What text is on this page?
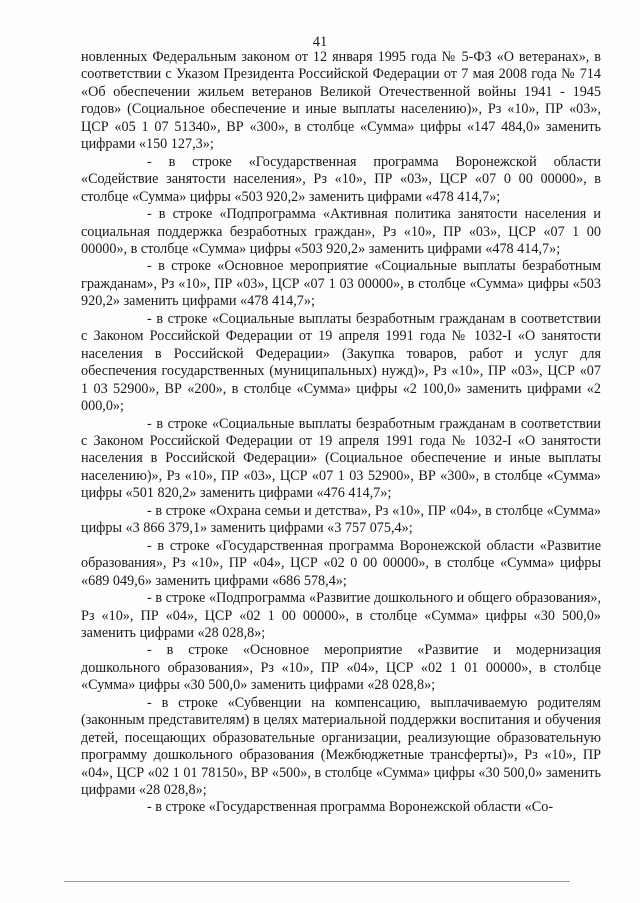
41

новленных Федеральным законом от 12 января 1995 года № 5-ФЗ «О ветеранах», в соответствии с Указом Президента Российской Федерации от 7 мая 2008 года № 714 «Об обеспечении жильем ветеранов Великой Отечественной войны 1941 - 1945 годов» (Социальное обеспечение и иные выплаты населению)», Рз «10», ПР «03», ЦСР «05 1 07 51340», ВР «300», в столбце «Сумма» цифры «147 484,0» заменить цифрами «150 127,3»;

- в строке «Государственная программа Воронежской области «Содействие занятости населения», Рз «10», ПР «03», ЦСР «07 0 00 00000», в столбце «Сумма» цифры «503 920,2» заменить цифрами «478 414,7»;

- в строке «Подпрограмма «Активная политика занятости населения и социальная поддержка безработных граждан», Рз «10», ПР «03», ЦСР «07 1 00 00000», в столбце «Сумма» цифры «503 920,2» заменить цифрами «478 414,7»;

- в строке «Основное мероприятие «Социальные выплаты безработным гражданам», Рз «10», ПР «03», ЦСР «07 1 03 00000», в столбце «Сумма» цифры «503 920,2» заменить цифрами «478 414,7»;

- в строке «Социальные выплаты безработным гражданам в соответствии с Законом Российской Федерации от 19 апреля 1991 года № 1032-I «О занятости населения в Российской Федерации» (Закупка товаров, работ и услуг для обеспечения государственных (муниципальных) нужд)», Рз «10», ПР «03», ЦСР «07 1 03 52900», ВР «200», в столбце «Сумма» цифры «2 100,0» заменить цифрами «2 000,0»;

- в строке «Социальные выплаты безработным гражданам в соответствии с Законом Российской Федерации от 19 апреля 1991 года № 1032-I «О занятости населения в Российской Федерации» (Социальное обеспечение и иные выплаты населению)», Рз «10», ПР «03», ЦСР «07 1 03 52900», ВР «300», в столбце «Сумма» цифры «501 820,2» заменить цифрами «476 414,7»;

- в строке «Охрана семьи и детства», Рз «10», ПР «04», в столбце «Сумма» цифры «3 866 379,1» заменить цифрами «3 757 075,4»;

- в строке «Государственная программа Воронежской области «Развитие образования», Рз «10», ПР «04», ЦСР «02 0 00 00000», в столбце «Сумма» цифры «689 049,6» заменить цифрами «686 578,4»;

- в строке «Подпрограмма «Развитие дошкольного и общего образования», Рз «10», ПР «04», ЦСР «02 1 00 00000», в столбце «Сумма» цифры «30 500,0» заменить цифрами «28 028,8»;

- в строке «Основное мероприятие «Развитие и модернизация дошкольного образования», Рз «10», ПР «04», ЦСР «02 1 01 00000», в столбце «Сумма» цифры «30 500,0» заменить цифрами «28 028,8»;

- в строке «Субвенции на компенсацию, выплачиваемую родителям (законным представителям) в целях материальной поддержки воспитания и обучения детей, посещающих образовательные организации, реализующие образовательную программу дошкольного образования (Межбюджетные трансферты)», Рз «10», ПР «04», ЦСР «02 1 01 78150», ВР «500», в столбце «Сумма» цифры «30 500,0» заменить цифрами «28 028,8»;

- в строке «Государственная программа Воронежской области «Со-
